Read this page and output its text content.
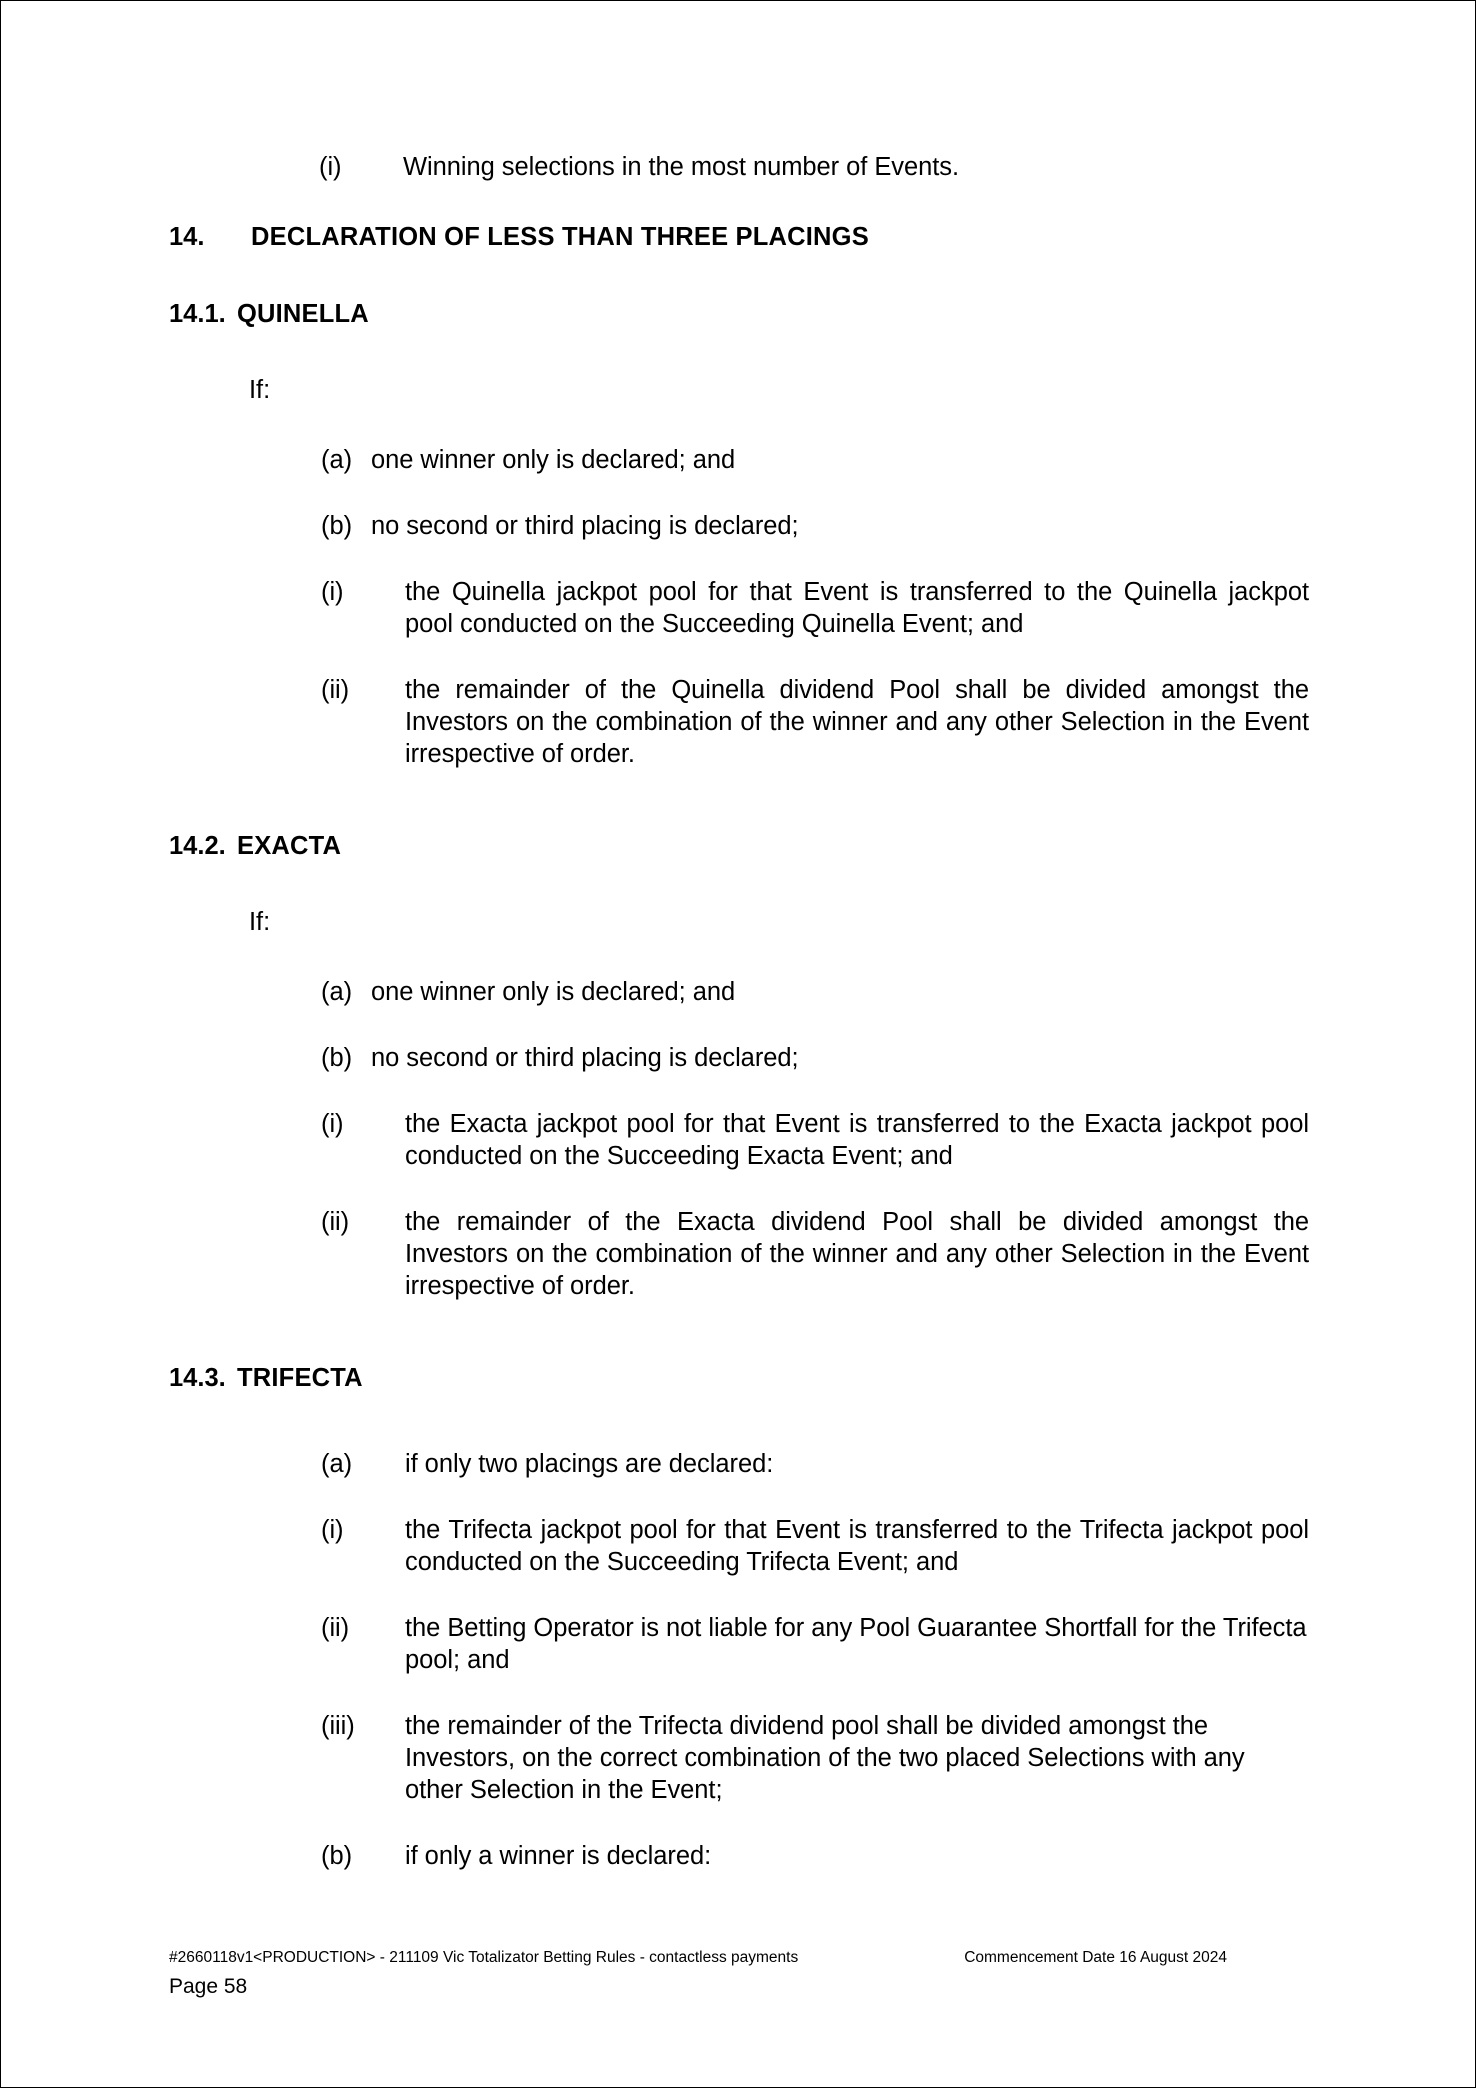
(i)	Winning selections in the most number of Events.
14.	DECLARATION OF LESS THAN THREE PLACINGS
14.1. QUINELLA
If:
(a) one winner only is declared; and
(b) no second or third placing is declared;
(i)	the Quinella jackpot pool for that Event is transferred to the Quinella jackpot pool conducted on the Succeeding Quinella Event; and
(ii)	the remainder of the Quinella dividend Pool shall be divided amongst the Investors on the combination of the winner and any other Selection in the Event irrespective of order.
14.2. EXACTA
If:
(a) one winner only is declared; and
(b) no second or third placing is declared;
(i)	the Exacta jackpot pool for that Event is transferred to the Exacta jackpot pool conducted on the Succeeding Exacta Event; and
(ii)	the remainder of the Exacta dividend Pool shall be divided amongst the Investors on the combination of the winner and any other Selection in the Event irrespective of order.
14.3. TRIFECTA
(a)	if only two placings are declared:
(i)	the Trifecta jackpot pool for that Event is transferred to the Trifecta jackpot pool conducted on the Succeeding Trifecta Event; and
(ii)	the Betting Operator is not liable for any Pool Guarantee Shortfall for the Trifecta pool; and
(iii)	the remainder of the Trifecta dividend pool shall be divided amongst the Investors, on the correct combination of the two placed Selections with any other Selection in the Event;
(b)	if only a winner is declared:
#2660118v1<PRODUCTION> - 211109 Vic Totalizator Betting Rules - contactless payments	Commencement Date 16 August 2024
Page 58
